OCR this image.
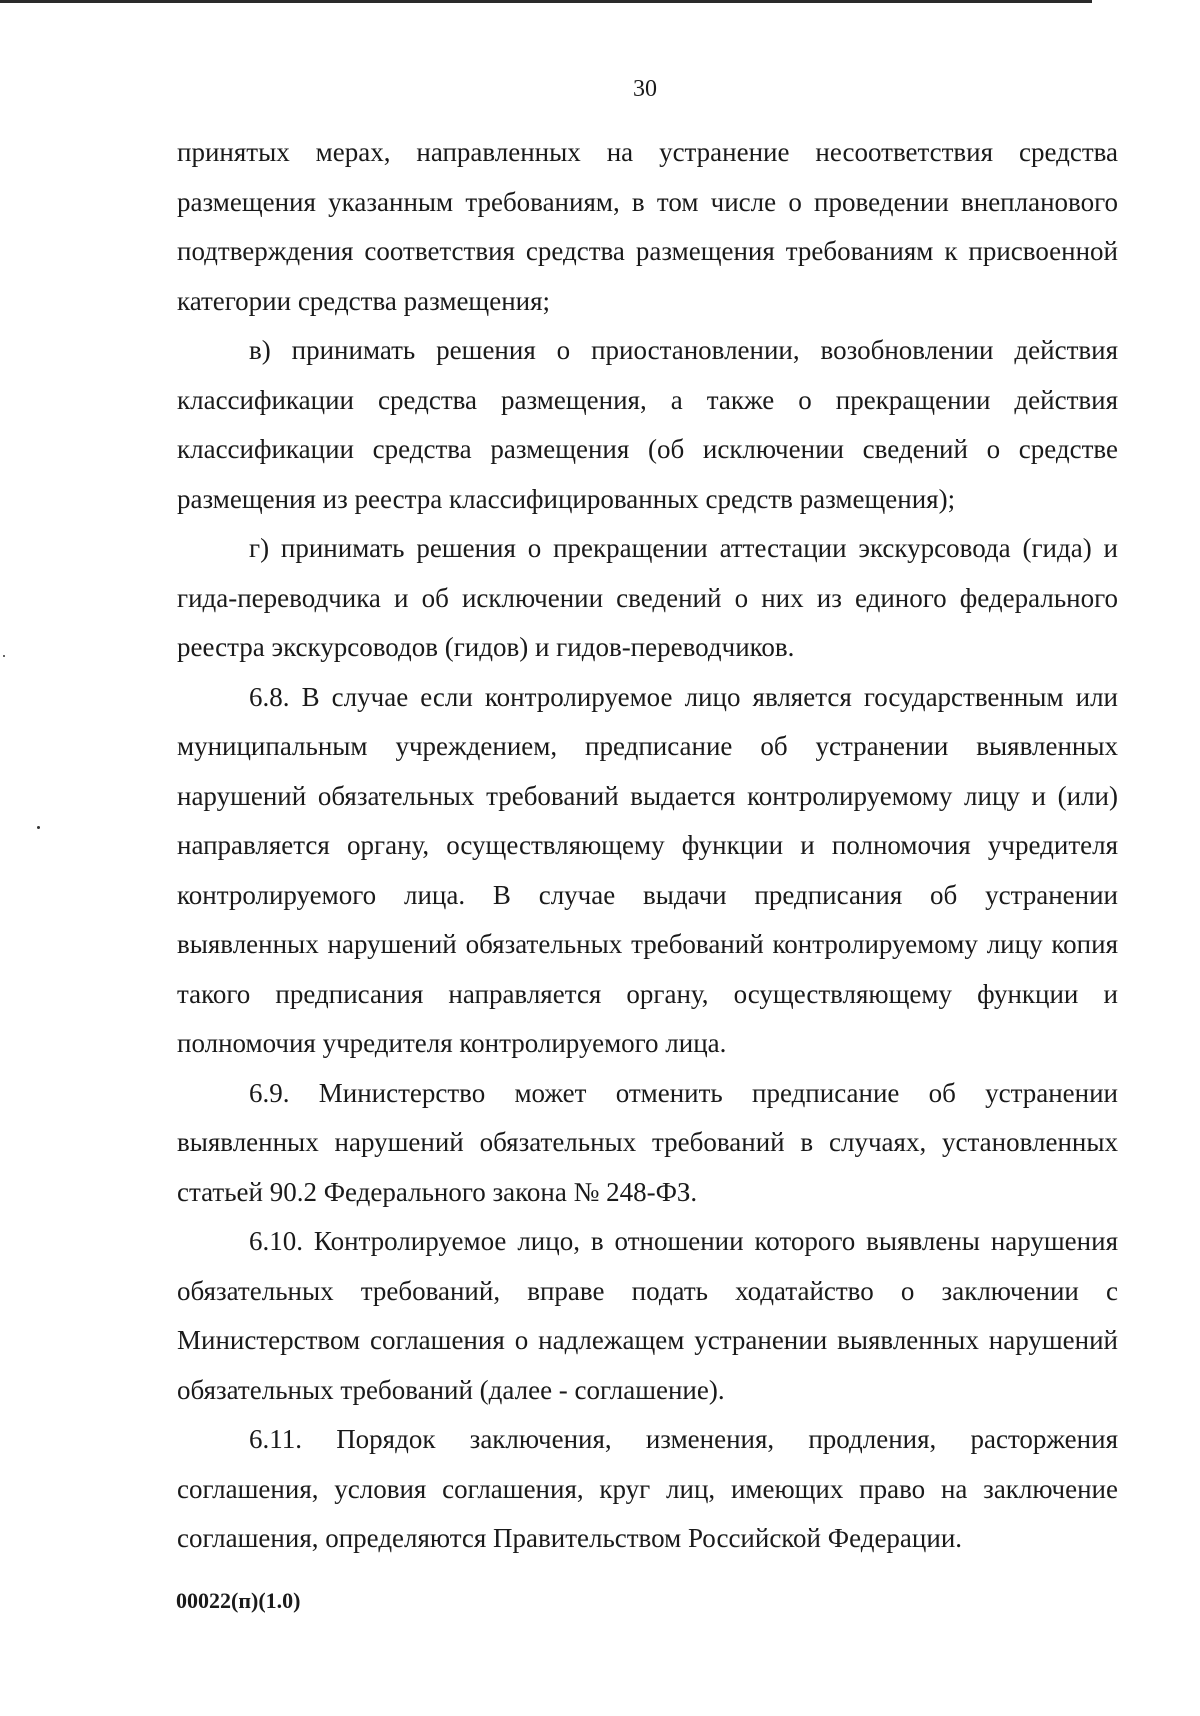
30

принятых мерах, направленных на устранение несоответствия средства размещения указанным требованиям, в том числе о проведении внепланового подтверждения соответствия средства размещения требованиям к присвоенной категории средства размещения;

в) принимать решения о приостановлении, возобновлении действия классификации средства размещения, а также о прекращении действия классификации средства размещения (об исключении сведений о средстве размещения из реестра классифицированных средств размещения);

г) принимать решения о прекращении аттестации экскурсовода (гида) и гида-переводчика и об исключении сведений о них из единого федерального реестра экскурсоводов (гидов) и гидов-переводчиков.

6.8. В случае если контролируемое лицо является государственным или муниципальным учреждением, предписание об устранении выявленных нарушений обязательных требований выдается контролируемому лицу и (или) направляется органу, осуществляющему функции и полномочия учредителя контролируемого лица. В случае выдачи предписания об устранении выявленных нарушений обязательных требований контролируемому лицу копия такого предписания направляется органу, осуществляющему функции и полномочия учредителя контролируемого лица.

6.9. Министерство может отменить предписание об устранении выявленных нарушений обязательных требований в случаях, установленных статьей 90.2 Федерального закона № 248-ФЗ.

6.10. Контролируемое лицо, в отношении которого выявлены нарушения обязательных требований, вправе подать ходатайство о заключении с Министерством соглашения о надлежащем устранении выявленных нарушений обязательных требований (далее - соглашение).

6.11. Порядок заключения, изменения, продления, расторжения соглашения, условия соглашения, круг лиц, имеющих право на заключение соглашения, определяются Правительством Российской Федерации.

00022(п)(1.0)
